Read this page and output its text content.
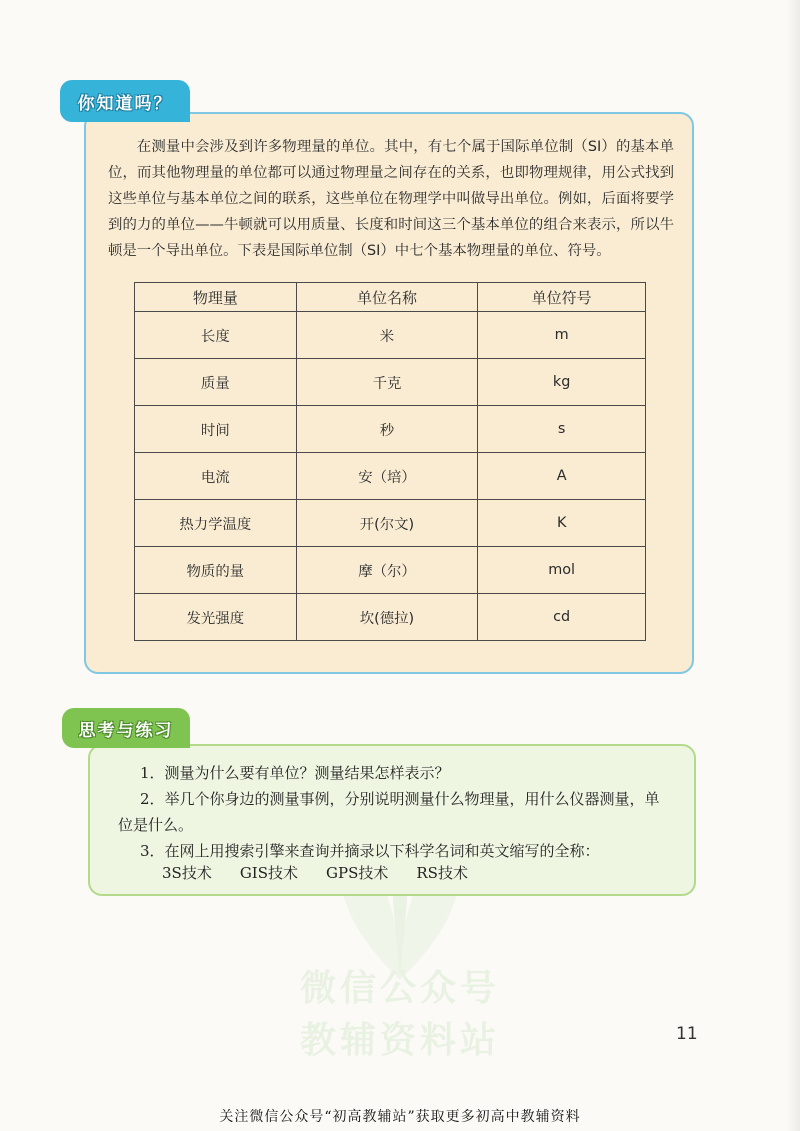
微信公众号
教辅资料站
你知道吗？

在测量中会涉及到许多物理量的单位。其中，有七个属于国际单位制（SI）的基本单位，而其他物理量的单位都可以通过物理量之间存在的关系，也即物理规律，用公式找到这些单位与基本单位之间的联系，这些单位在物理学中叫做导出单位。例如，后面将要学到的力的单位——牛顿就可以用质量、长度和时间这三个基本单位的组合来表示，所以牛顿是一个导出单位。下表是国际单位制（SI）中七个基本物理量的单位、符号。

物理量	单位名称	单位符号
长度	米	m
质量	千克	kg
时间	秒	s
电流	安（培）	A
热力学温度	开(尔文)	K
物质的量	摩（尔）	mol
发光强度	坎(德拉)	cd
思考与练习

1．测量为什么要有单位？测量结果怎样表示？

2．举几个你身边的测量事例，分别说明测量什么物理量，用什么仪器测量，单

位是什么。

3．在网上用搜索引擎来查询并摘录以下科学名词和英文缩写的全称：

3S技术 GIS技术 GPS技术 RS技术
11
关注微信公众号“初高教辅站”获取更多初高中教辅资料
